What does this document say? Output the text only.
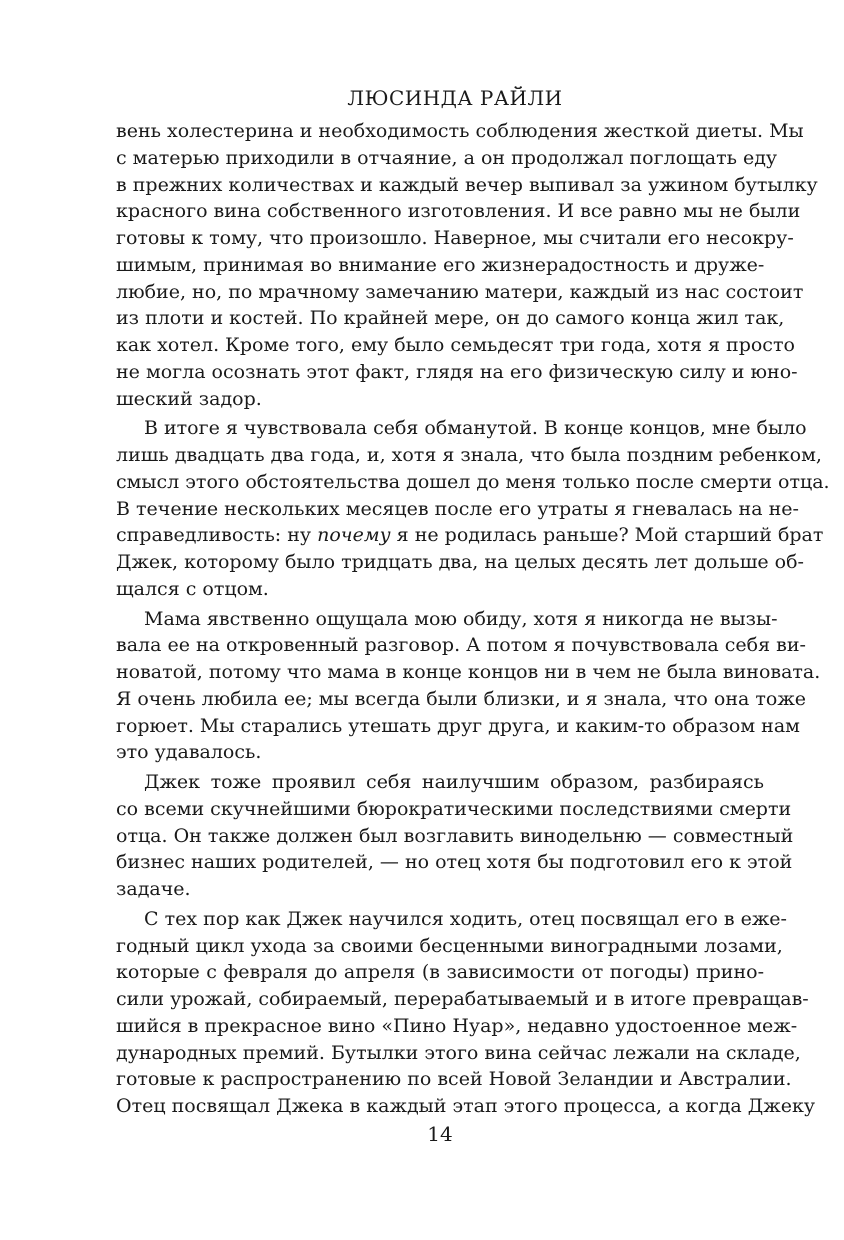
ЛЮСИНДА РАЙЛИ

вень холестерина и необходимость соблюдения жесткой диеты. Мы
с матерью приходили в отчаяние, а он продолжал поглощать еду
в прежних количествах и каждый вечер выпивал за ужином бутылку
красного вина собственного изготовления. И все равно мы не были
готовы к тому, что произошло. Наверное, мы считали его несокру-
шимым, принимая во внимание его жизнерадостность и друже-
любие, но, по мрачному замечанию матери, каждый из нас состоит
из плоти и костей. По крайней мере, он до самого конца жил так,
как хотел. Кроме того, ему было семьдесят три года, хотя я просто
не могла осознать этот факт, глядя на его физическую силу и юно-
шеский задор.

В итоге я чувствовала себя обманутой. В конце концов, мне было
лишь двадцать два года, и, хотя я знала, что была поздним ребенком,
смысл этого обстоятельства дошел до меня только после смерти отца.
В течение нескольких месяцев после его утраты я гневалась на не-
справедливость: ну почему я не родилась раньше? Мой старший брат
Джек, которому было тридцать два, на целых десять лет дольше об-
щался с отцом.

Мама явственно ощущала мою обиду, хотя я никогда не вызы-
вала ее на откровенный разговор. А потом я почувствовала себя ви-
новатой, потому что мама в конце концов ни в чем не была виновата.
Я очень любила ее; мы всегда были близки, и я знала, что она тоже
горюет. Мы старались утешать друг друга, и каким-то образом нам
это удавалось.

Джек тоже проявил себя наилучшим образом, разбираясь
со всеми скучнейшими бюрократическими последствиями смерти
отца. Он также должен был возглавить винодельню — совместный
бизнес наших родителей, — но отец хотя бы подготовил его к этой
задаче.

С тех пор как Джек научился ходить, отец посвящал его в еже-
годный цикл ухода за своими бесценными виноградными лозами,
которые с февраля до апреля (в зависимости от погоды) прино-
сили урожай, собираемый, перерабатываемый и в итоге превращав-
шийся в прекрасное вино «Пино Нуар», недавно удостоенное меж-
дународных премий. Бутылки этого вина сейчас лежали на складе,
готовые к распространению по всей Новой Зеландии и Австралии.
Отец посвящал Джека в каждый этап этого процесса, а когда Джеку

14
